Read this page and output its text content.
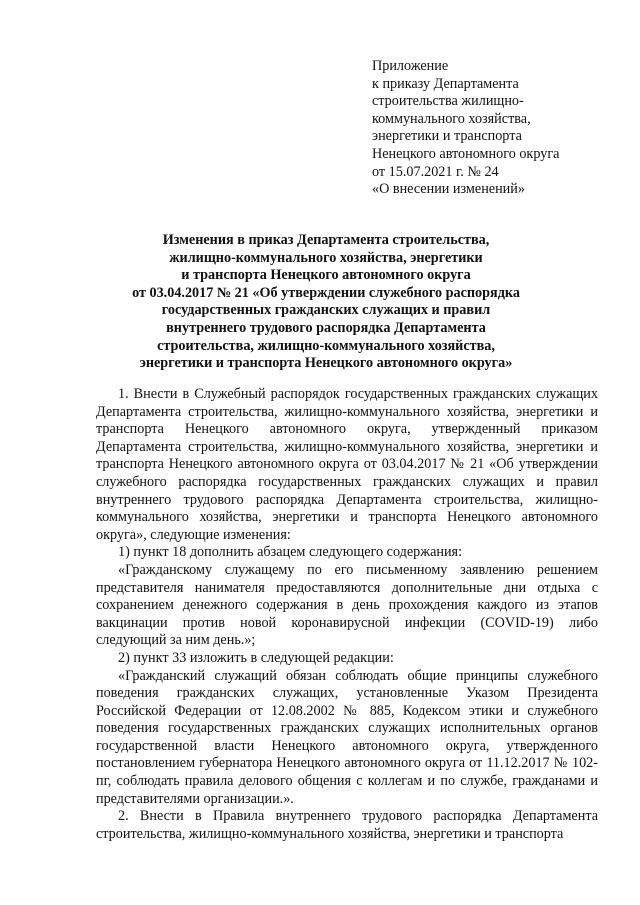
Приложение
к приказу Департамента
строительства жилищно-
коммунального хозяйства,
энергетики и транспорта
Ненецкого автономного округа
от 15.07.2021 г. № 24
«О внесении изменений»
Изменения в приказ Департамента строительства,
жилищно-коммунального хозяйства, энергетики
и транспорта Ненецкого автономного округа
от 03.04.2017 № 21 «Об утверждении служебного распорядка
государственных гражданских служащих и правил
внутреннего трудового распорядка Департамента
строительства, жилищно-коммунального хозяйства,
энергетики и транспорта Ненецкого автономного округа»

1. Внести в Служебный распорядок государственных гражданских служащих Департамента строительства, жилищно-коммунального хозяйства, энергетики и транспорта Ненецкого автономного округа, утвержденный приказом Департамента строительства, жилищно-коммунального хозяйства, энергетики и транспорта Ненецкого автономного округа от 03.04.2017 № 21 «Об утверждении служебного распорядка государственных гражданских служащих и правил внутреннего трудового распорядка Департамента строительства, жилищно-коммунального хозяйства, энергетики и транспорта Ненецкого автономного округа», следующие изменения:

1) пункт 18 дополнить абзацем следующего содержания:

«Гражданскому служащему по его письменному заявлению решением представителя нанимателя предоставляются дополнительные дни отдыха с сохранением денежного содержания в день прохождения каждого из этапов вакцинации против новой коронавирусной инфекции (COVID-19) либо следующий за ним день.»;

2) пункт 33 изложить в следующей редакции:

«Гражданский служащий обязан соблюдать общие принципы служебного поведения гражданских служащих, установленные Указом Президента Российской Федерации от 12.08.2002 № 885, Кодексом этики и служебного поведения государственных гражданских служащих исполнительных органов государственной власти Ненецкого автономного округа, утвержденного постановлением губернатора Ненецкого автономного округа от 11.12.2017 № 102-пг, соблюдать правила делового общения с коллегам и по службе, гражданами и представителями организации.».

2. Внести в Правила внутреннего трудового распорядка Департамента строительства, жилищно-коммунального хозяйства, энергетики и транспорта
